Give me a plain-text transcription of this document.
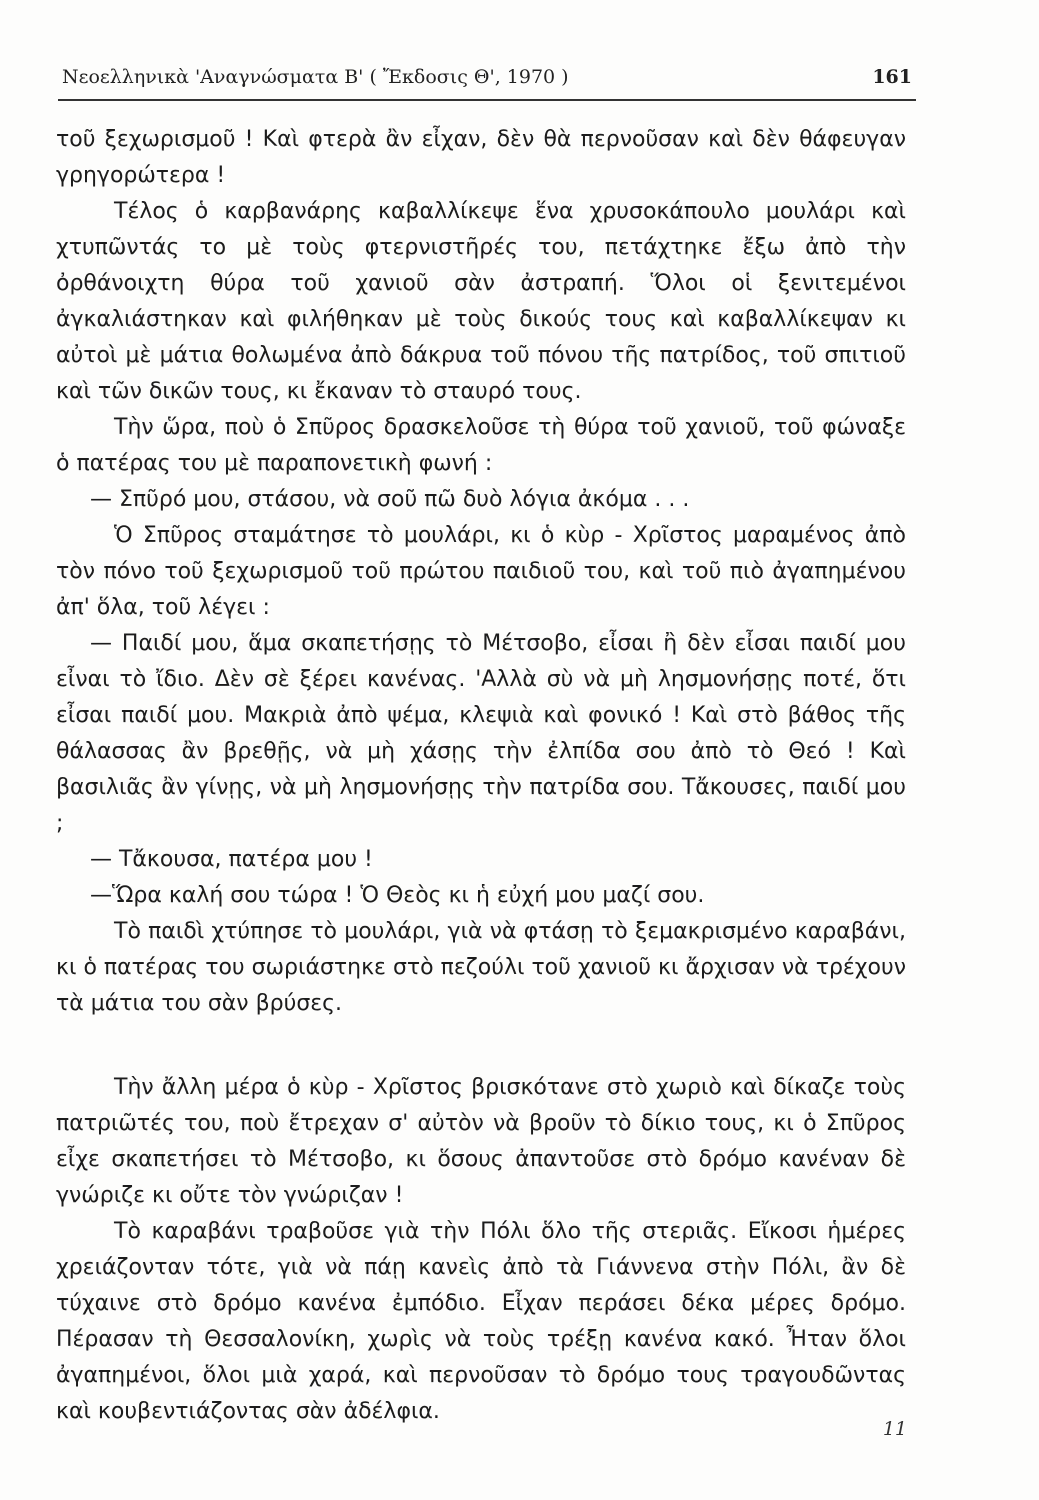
Νεοελληνικὰ 'Αναγνώσματα Β' ( Ἔκδοσις Θ', 1970 )	161

τοῦ ξεχωρισμοῦ ! Καὶ φτερὰ ἂν εἶχαν, δὲν θὰ περνοῦσαν καὶ δὲν θάφευγαν γρηγορώτερα !

Τέλος ὁ καρβανάρης καβαλλίκεψε ἕνα χρυσοκάπουλο μουλάρι καὶ χτυπῶντάς το μὲ τοὺς φτερνιστῆρές του, πετάχτηκε ἔξω ἀπὸ τὴν ὀρθάνοιχτη θύρα τοῦ χανιοῦ σὰν ἀστραπή. Ὅλοι οἱ ξενιτεμένοι ἀγκαλιάστηκαν καὶ φιλήθηκαν μὲ τοὺς δικούς τους καὶ καβαλλίκεψαν κι αὐτοὶ μὲ μάτια θολωμένα ἀπὸ δάκρυα τοῦ πόνου τῆς πατρίδος, τοῦ σπιτιοῦ καὶ τῶν δικῶν τους, κι ἔκαναν τὸ σταυρό τους.

Τὴν ὥρα, ποὺ ὁ Σπῦρος δρασκελοῦσε τὴ θύρα τοῦ χανιοῦ, τοῦ φώναξε ὁ πατέρας του μὲ παραπονετικὴ φωνή :

— Σπῦρό μου, στάσου, νὰ σοῦ πῶ δυὸ λόγια ἀκόμα . . .

Ὁ Σπῦρος σταμάτησε τὸ μουλάρι, κι ὁ κὺρ - Χρῖστος μαραμένος ἀπὸ τὸν πόνο τοῦ ξεχωρισμοῦ τοῦ πρώτου παιδιοῦ του, καὶ τοῦ πιὸ ἀγαπημένου ἀπ' ὅλα, τοῦ λέγει :

— Παιδί μου, ἅμα σκαπετήσῃς τὸ Μέτσοβο, εἶσαι ἢ δὲν εἶσαι παιδί μου εἶναι τὸ ἴδιο. Δὲν σὲ ξέρει κανένας. 'Αλλὰ σὺ νὰ μὴ λησμονήσῃς ποτέ, ὅτι εἶσαι παιδί μου. Μακριὰ ἀπὸ ψέμα, κλεψιὰ καὶ φονικό ! Καὶ στὸ βάθος τῆς θάλασσας ἂν βρεθῇς, νὰ μὴ χάσῃς τὴν ἐλπίδα σου ἀπὸ τὸ Θεό ! Καὶ βασιλιᾶς ἂν γίνῃς, νὰ μὴ λησμονήσῃς τὴν πατρίδα σου. Τἄκουσες, παιδί μου ;

— Τἄκουσα, πατέρα μου !

—Ὥρα καλή σου τώρα ! Ὁ Θεὸς κι ἡ εὐχή μου μαζί σου.

Τὸ παιδὶ χτύπησε τὸ μουλάρι, γιὰ νὰ φτάσῃ τὸ ξεμακρισμένο καραβάνι, κι ὁ πατέρας του σωριάστηκε στὸ πεζούλι τοῦ χανιοῦ κι ἄρχισαν νὰ τρέχουν τὰ μάτια του σὰν βρύσες.

Τὴν ἄλλη μέρα ὁ κὺρ - Χρῖστος βρισκότανε στὸ χωριὸ καὶ δίκαζε τοὺς πατριῶτές του, ποὺ ἔτρεχαν σ' αὐτὸν νὰ βροῦν τὸ δίκιο τους, κι ὁ Σπῦρος εἶχε σκαπετήσει τὸ Μέτσοβο, κι ὅσους ἀπαντοῦσε στὸ δρόμο κανέναν δὲ γνώριζε κι οὔτε τὸν γνώριζαν !

Τὸ καραβάνι τραβοῦσε γιὰ τὴν Πόλι ὅλο τῆς στεριᾶς. Εἴκοσι ἡμέρες χρειάζονταν τότε, γιὰ νὰ πάῃ κανεὶς ἀπὸ τὰ Γιάννενα στὴν Πόλι, ἂν δὲ τύχαινε στὸ δρόμο κανένα ἐμπόδιο. Εἶχαν περάσει δέκα μέρες δρόμο. Πέρασαν τὴ Θεσσαλονίκη, χωρὶς νὰ τοὺς τρέξῃ κανένα κακό. Ἦταν ὅλοι ἀγαπημένοι, ὅλοι μιὰ χαρά, καὶ περνοῦσαν τὸ δρόμο τους τραγουδῶντας καὶ κουβεντιάζοντας σὰν ἀδέλφια.

11
